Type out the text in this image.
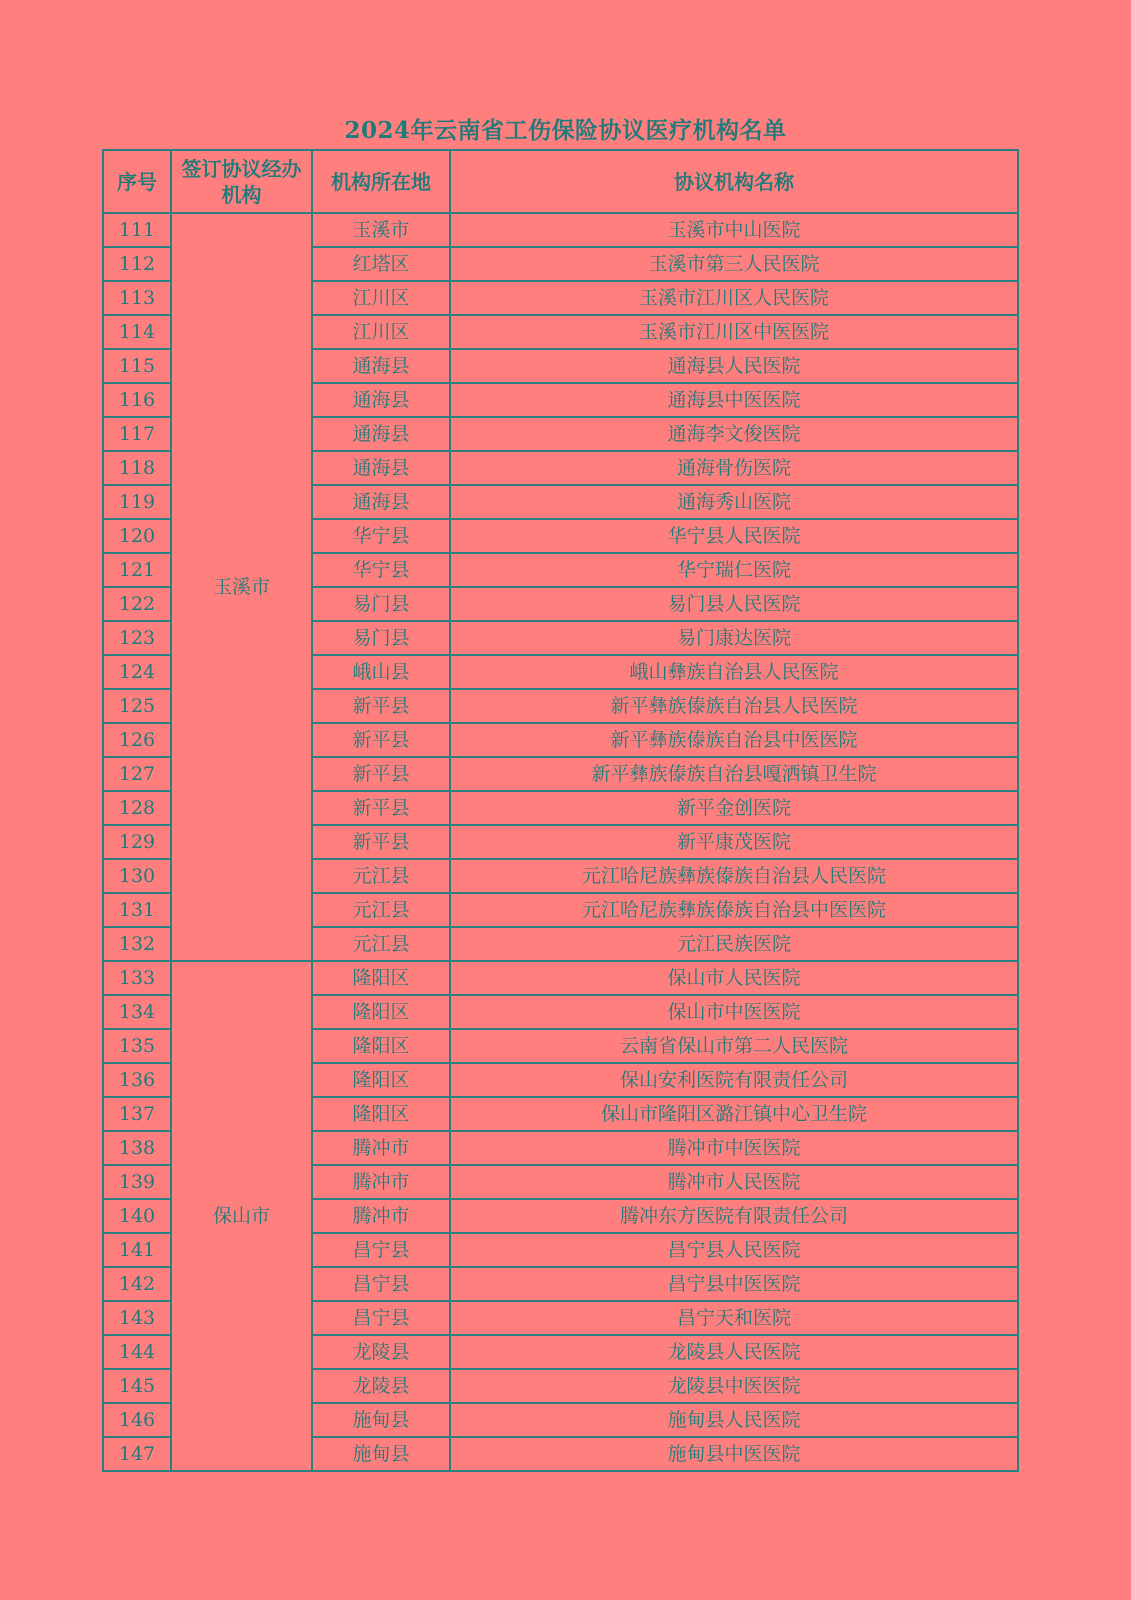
2024年云南省工伤保险协议医疗机构名单
序号	签订协议经办机构	机构所在地	协议机构名称
111	玉溪市	玉溪市	玉溪市中山医院
112		红塔区	玉溪市第三人民医院
113		江川区	玉溪市江川区人民医院
114		江川区	玉溪市江川区中医医院
115		通海县	通海县人民医院
116		通海县	通海县中医医院
117		通海县	通海李文俊医院
118		通海县	通海骨伤医院
119		通海县	通海秀山医院
120		华宁县	华宁县人民医院
121		华宁县	华宁瑞仁医院
122		易门县	易门县人民医院
123		易门县	易门康达医院
124		峨山县	峨山彝族自治县人民医院
125		新平县	新平彝族傣族自治县人民医院
126		新平县	新平彝族傣族自治县中医医院
127		新平县	新平彝族傣族自治县嘎洒镇卫生院
128		新平县	新平金创医院
129		新平县	新平康茂医院
130		元江县	元江哈尼族彝族傣族自治县人民医院
131		元江县	元江哈尼族彝族傣族自治县中医医院
132		元江县	元江民族医院
133	保山市	隆阳区	保山市人民医院
134		隆阳区	保山市中医医院
135		隆阳区	云南省保山市第二人民医院
136		隆阳区	保山安利医院有限责任公司
137		隆阳区	保山市隆阳区潞江镇中心卫生院
138		腾冲市	腾冲市中医医院
139		腾冲市	腾冲市人民医院
140		腾冲市	腾冲东方医院有限责任公司
141		昌宁县	昌宁县人民医院
142		昌宁县	昌宁县中医医院
143		昌宁县	昌宁天和医院
144		龙陵县	龙陵县人民医院
145		龙陵县	龙陵县中医医院
146		施甸县	施甸县人民医院
147		施甸县	施甸县中医医院
